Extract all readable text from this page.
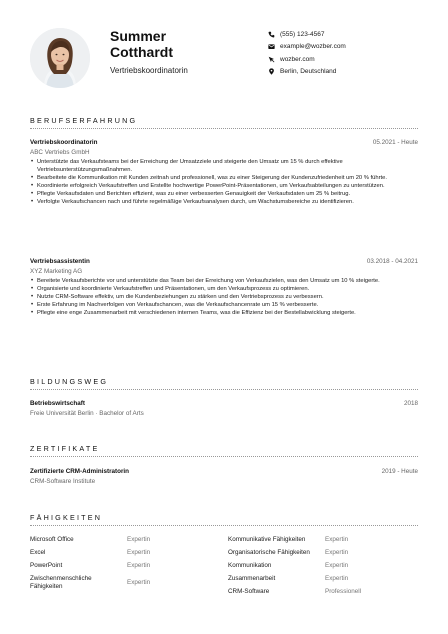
Summer
Cotthardt
Vertriebskoordinatorin
(555) 123-4567
example@wozber.com
wozber.com
Berlin, Deutschland
BERUFSERFAHRUNG
Vertriebskoordinatorin	05.2021 - Heute
ABC Vertriebs GmbH
• Unterstützte das Verkaufsteams bei der Erreichung der Umsatzziele und steigerte den Umsatz um 15 % durch effektive Vertriebsunterstützungsmaßnahmen.
• Bearbeitete die Kommunikation mit Kunden zeitnah und professionell, was zu einer Steigerung der Kundenzufriedenheit um 20 % führte.
• Koordinierte erfolgreich Verkaufstreffen und Erstellte hochwertige PowerPoint-Präsentationen, um Verkaufsabteilungen zu unterstützen.
• Pflegte Verkaufsdaten und Berichten effizient, was zu einer verbesserten Genauigkeit der Verkaufsdaten um 25 % beitrug.
• Verfolgte Verkaufschancen nach und führte regelmäßige Verkaufsanalysen durch, um Wachstumsbereiche zu identifizieren.
Vertriebsassistentin	03.2018 - 04.2021
XYZ Marketing AG
• Bereitete Verkaufsberichte vor und unterstützte das Team bei der Erreichung von Verkaufszielen, was den Umsatz um 10 % steigerte.
• Organisierte und koordinierte Verkaufstreffen und Präsentationen, um den Verkaufsprozess zu optimieren.
• Nutzte CRM-Software effektiv, um die Kundenbeziehungen zu stärken und den Vertriebsprozess zu verbessern.
• Erste Erfahrung im Nachverfolgen von Verkaufschancen, was die Verkaufschancenrate um 15 % verbesserte.
• Pflegte eine enge Zusammenarbeit mit verschiedenen internen Teams, was die Effizienz bei der Bestellabwicklung steigerte.
BILDUNGSWEG
Betriebswirtschaft	2018
Freie Universität Berlin · Bachelor of Arts
ZERTIFIKATE
Zertifizierte CRM-Administratorin	2019 - Heute
CRM-Software Institute
FÄHIGKEITEN
Microsoft Office	Expertin
Excel	Expertin
PowerPoint	Expertin
Zwischenmenschliche Fähigkeiten
Expertin
Kommunikative Fähigkeiten	Expertin
Organisatorische Fähigkeiten	Expertin
Kommunikation	Expertin
Zusammenarbeit	Expertin
CRM-Software	Professionell
